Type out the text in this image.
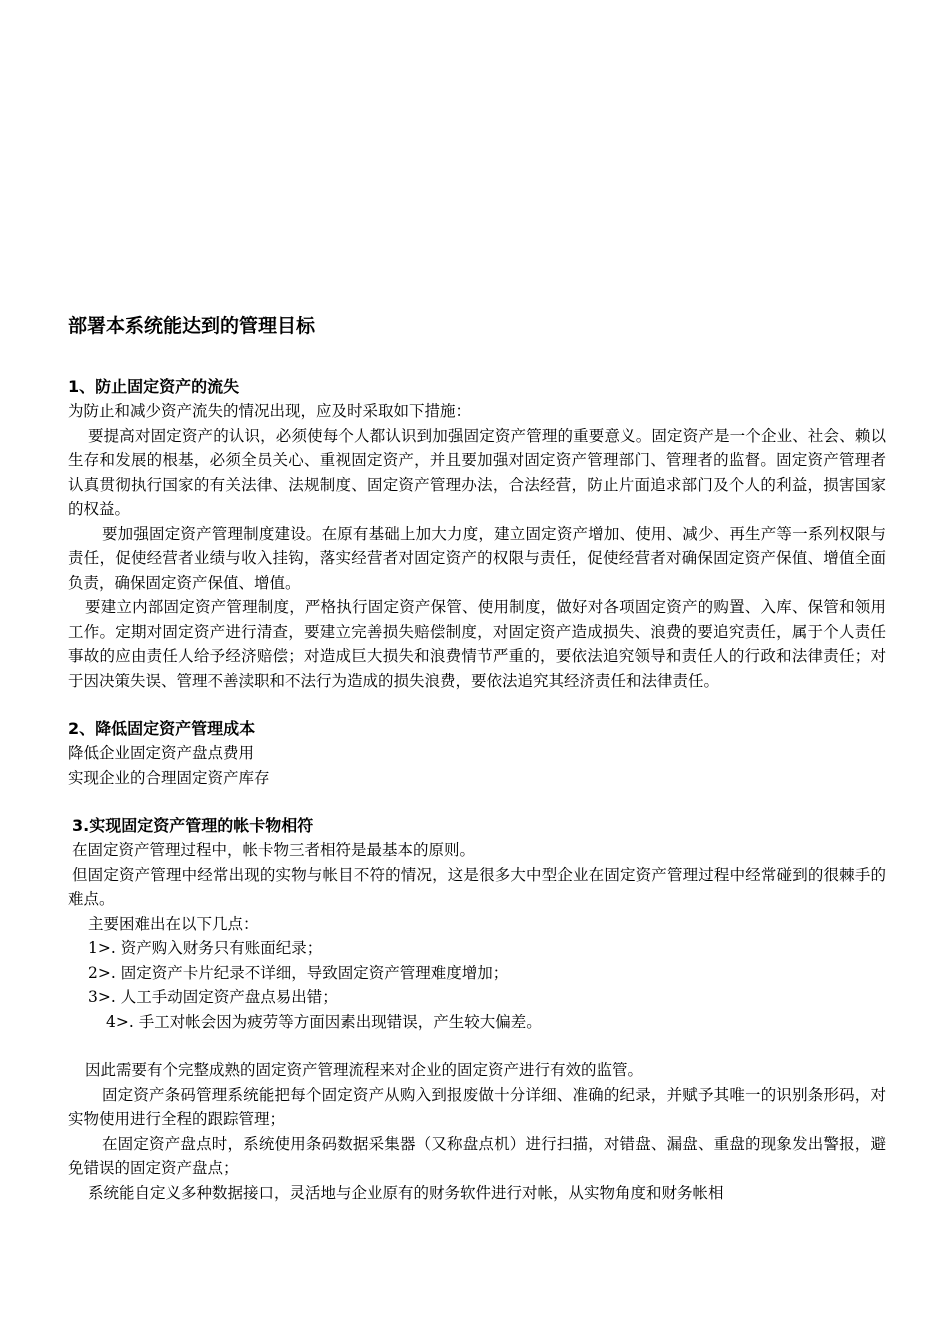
部署本系统能达到的管理目标
1、防止固定资产的流失

为防止和减少资产流失的情况出现，应及时采取如下措施：

要提高对固定资产的认识，必须使每个人都认识到加强固定资产管理的重要意义。固定资产是一个企业、社会、赖以生存和发展的根基，必须全员关心、重视固定资产，并且要加强对固定资产管理部门、管理者的监督。固定资产管理者认真贯彻执行国家的有关法律、法规制度、固定资产管理办法，合法经营，防止片面追求部门及个人的利益，损害国家的权益。

要加强固定资产管理制度建设。在原有基础上加大力度，建立固定资产增加、使用、减少、再生产等一系列权限与责任，促使经营者业绩与收入挂钩，落实经营者对固定资产的权限与责任，促使经营者对确保固定资产保值、增值全面负责，确保固定资产保值、增值。

要建立内部固定资产管理制度，严格执行固定资产保管、使用制度，做好对各项固定资产的购置、入库、保管和领用工作。定期对固定资产进行清查，要建立完善损失赔偿制度，对固定资产造成损失、浪费的要追究责任，属于个人责任事故的应由责任人给予经济赔偿；对造成巨大损失和浪费情节严重的，要依法追究领导和责任人的行政和法律责任；对于因决策失误、管理不善渎职和不法行为造成的损失浪费，要依法追究其经济责任和法律责任。

2、降低固定资产管理成本

降低企业固定资产盘点费用

实现企业的合理固定资产库存

3.实现固定资产管理的帐卡物相符

在固定资产管理过程中，帐卡物三者相符是最基本的原则。

但固定资产管理中经常出现的实物与帐目不符的情况，这是很多大中型企业在固定资产管理过程中经常碰到的很棘手的难点。

主要困难出在以下几点：

1>. 资产购入财务只有账面纪录；

2>. 固定资产卡片纪录不详细，导致固定资产管理难度增加；

3>. 人工手动固定资产盘点易出错；

4>. 手工对帐会因为疲劳等方面因素出现错误，产生较大偏差。

因此需要有个完整成熟的固定资产管理流程来对企业的固定资产进行有效的监管。

固定资产条码管理系统能把每个固定资产从购入到报废做十分详细、准确的纪录，并赋予其唯一的识别条形码，对实物使用进行全程的跟踪管理；

在固定资产盘点时，系统使用条码数据采集器（又称盘点机）进行扫描，对错盘、漏盘、重盘的现象发出警报，避免错误的固定资产盘点；

系统能自定义多种数据接口，灵活地与企业原有的财务软件进行对帐，从实物角度和财务帐相
